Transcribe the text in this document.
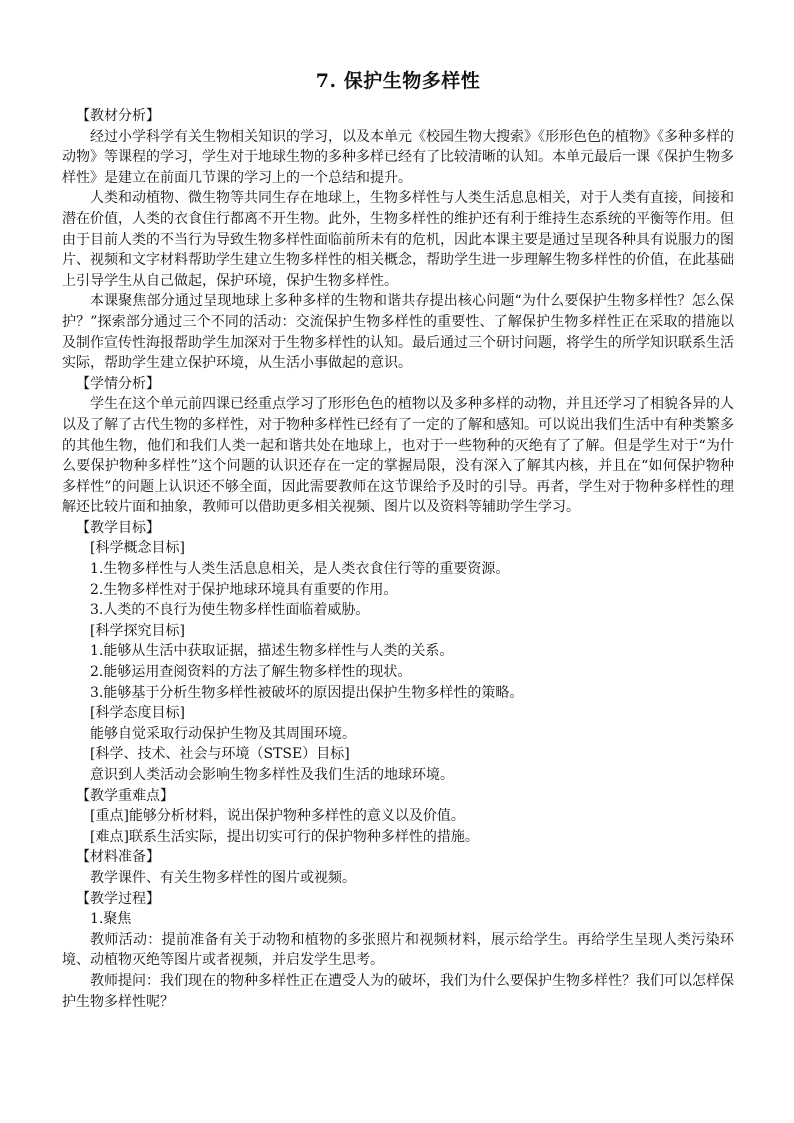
7. 保护生物多样性

【教材分析】

经过小学科学有关生物相关知识的学习，以及本单元《校园生物大搜索》《形形色色的植物》《多种多样的动物》等课程的学习，学生对于地球生物的多种多样已经有了比较清晰的认知。本单元最后一课《保护生物多样性》是建立在前面几节课的学习上的一个总结和提升。

人类和动植物、微生物等共同生存在地球上，生物多样性与人类生活息息相关，对于人类有直接，间接和潜在价值，人类的衣食住行都离不开生物。此外，生物多样性的维护还有利于维持生态系统的平衡等作用。但由于目前人类的不当行为导致生物多样性面临前所未有的危机，因此本课主要是通过呈现各种具有说服力的图片、视频和文字材料帮助学生建立生物多样性的相关概念，帮助学生进一步理解生物多样性的价值，在此基础上引导学生从自己做起，保护环境，保护生物多样性。

本课聚焦部分通过呈现地球上多种多样的生物和谐共存提出核心问题“为什么要保护生物多样性？怎么保护？”探索部分通过三个不同的活动：交流保护生物多样性的重要性、了解保护生物多样性正在采取的措施以及制作宣传性海报帮助学生加深对于生物多样性的认知。最后通过三个研讨问题，将学生的所学知识联系生活实际，帮助学生建立保护环境，从生活小事做起的意识。

【学情分析】

学生在这个单元前四课已经重点学习了形形色色的植物以及多种多样的动物，并且还学习了相貌各异的人以及了解了古代生物的多样性，对于物种多样性已经有了一定的了解和感知。可以说出我们生活中有种类繁多的其他生物，他们和我们人类一起和谐共处在地球上，也对于一些物种的灭绝有了了解。但是学生对于“为什么要保护物种多样性”这个问题的认识还存在一定的掌握局限，没有深入了解其内核，并且在“如何保护物种多样性”的问题上认识还不够全面，因此需要教师在这节课给予及时的引导。再者，学生对于物种多样性的理解还比较片面和抽象，教师可以借助更多相关视频、图片以及资料等辅助学生学习。

【教学目标】

[科学概念目标]

1.生物多样性与人类生活息息相关，是人类衣食住行等的重要资源。

2.生物多样性对于保护地球环境具有重要的作用。

3.人类的不良行为使生物多样性面临着威胁。

[科学探究目标]

1.能够从生活中获取证据，描述生物多样性与人类的关系。

2.能够运用查阅资料的方法了解生物多样性的现状。

3.能够基于分析生物多样性被破坏的原因提出保护生物多样性的策略。

[科学态度目标]

能够自觉采取行动保护生物及其周围环境。

[科学、技术、社会与环境（STSE）目标]

意识到人类活动会影响生物多样性及我们生活的地球环境。

【教学重难点】

[重点]能够分析材料，说出保护物种多样性的意义以及价值。

[难点]联系生活实际，提出切实可行的保护物种多样性的措施。

【材料准备】

教学课件、有关生物多样性的图片或视频。

【教学过程】

1.聚焦

教师活动：提前准备有关于动物和植物的多张照片和视频材料，展示给学生。再给学生呈现人类污染环境、动植物灭绝等图片或者视频，并启发学生思考。

教师提问：我们现在的物种多样性正在遭受人为的破坏，我们为什么要保护生物多样性？我们可以怎样保护生物多样性呢？
